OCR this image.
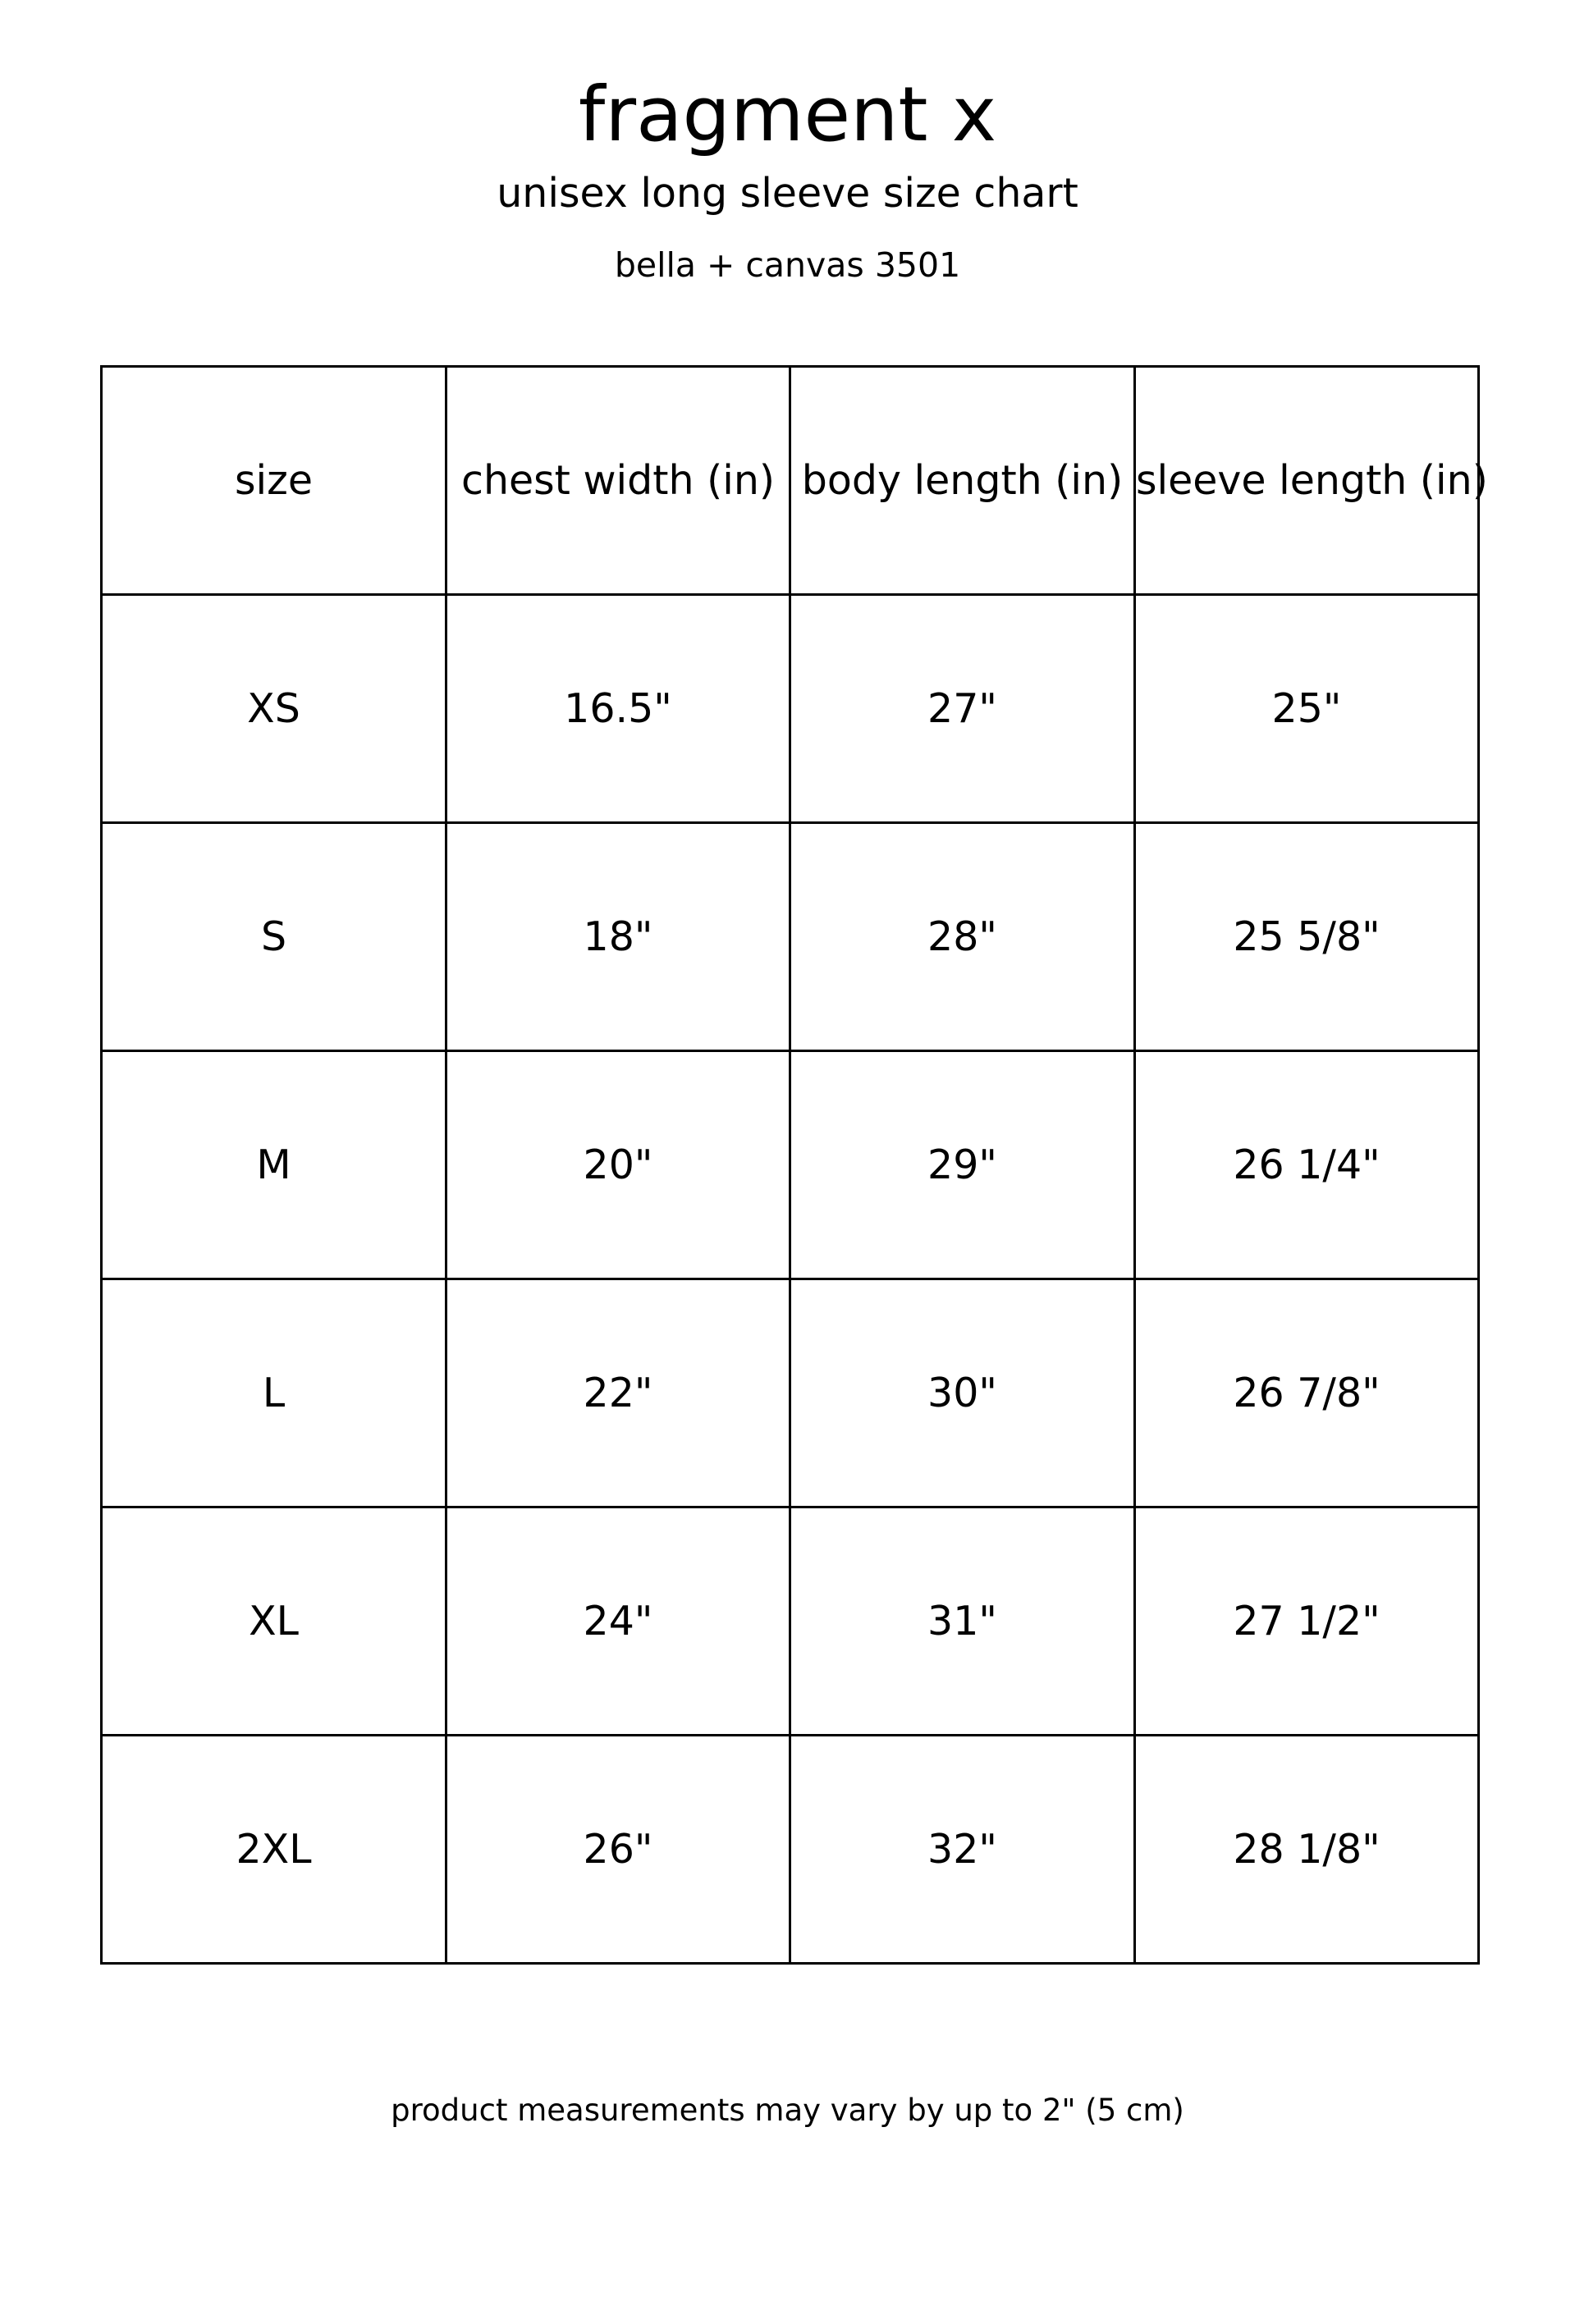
fragment x
unisex long sleeve size chart
bella + canvas 3501
size	chest width (in)	body length (in)	sleeve length (in)
XS	16.5"	27"	25"
S	18"	28"	25 5/8"
M	20"	29"	26 1/4"
L	22"	30"	26 7/8"
XL	24"	31"	27 1/2"
2XL	26"	32"	28 1/8"
product measurements may vary by up to 2" (5 cm)
